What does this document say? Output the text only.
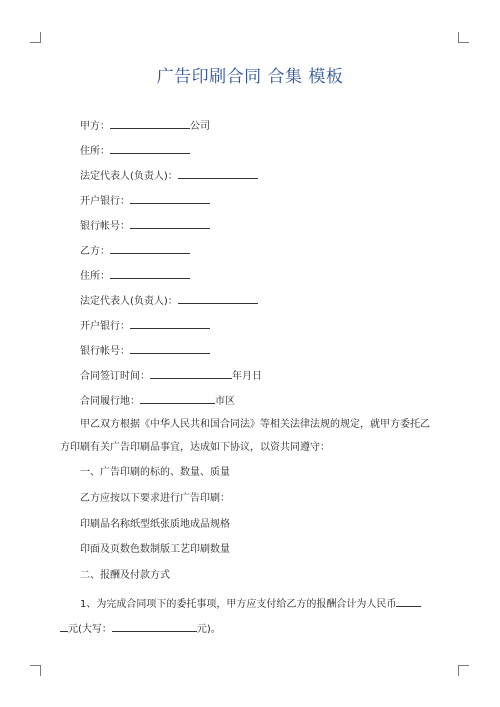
广告印刷合同 合集 模板
甲方：	公司
住所：
法定代表人(负责人)：
开户银行：
银行帐号：
乙方：
住所：
法定代表人(负责人)：
开户银行：
银行帐号：
合同签订时间：	年月日
合同履行地：	市区
甲乙双方根据《中华人民共和国合同法》等相关法律法规的规定，就甲方委托乙
方印刷有关广告印刷品事宜，达成如下协议，以资共同遵守：
一、广告印刷的标的、数量、质量
乙方应按以下要求进行广告印刷：
印刷品名称纸型纸张质地成品规格
印面及页数色数制版工艺印刷数量
二、报酬及付款方式
1、为完成合同项下的委托事项，甲方应支付给乙方的报酬合计为人民币
元(大写：	元)。
